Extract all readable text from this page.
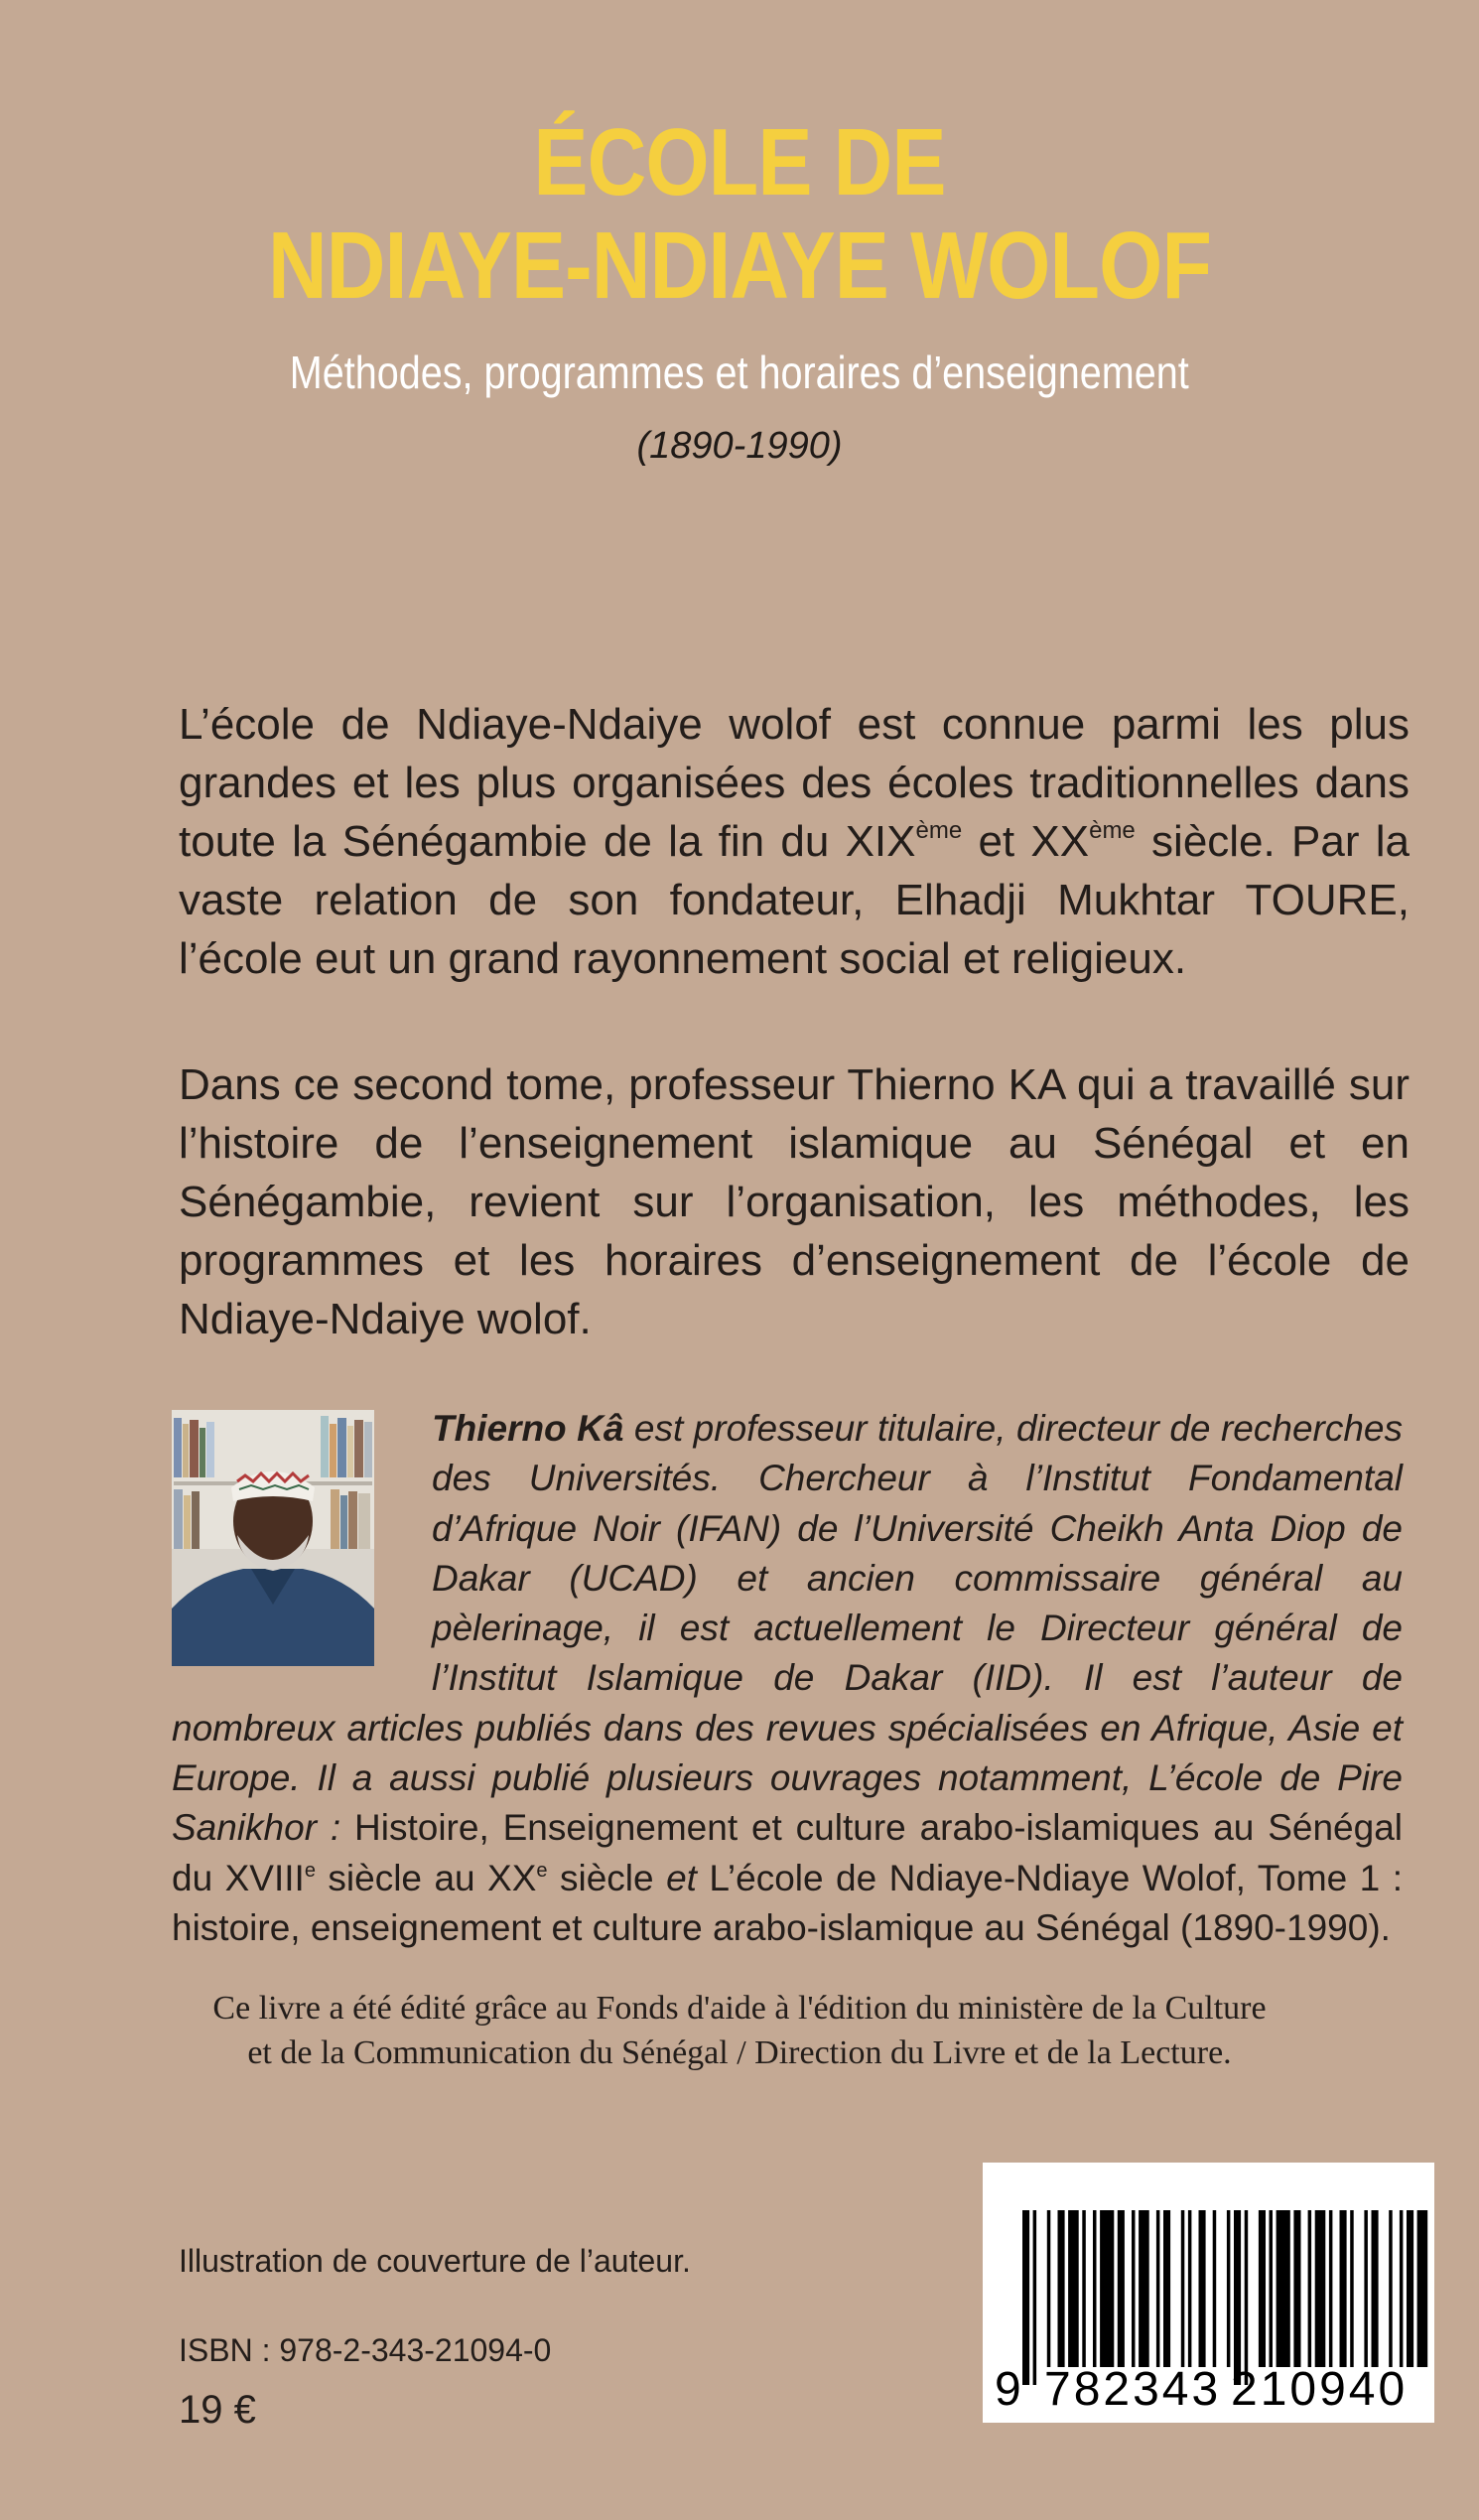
ÉCOLE DE
NDIAYE-NDIAYE WOLOF
Méthodes, programmes et horaires d’enseignement
(1890-1990)
L’école de Ndiaye-Ndaiye wolof est connue parmi les plus grandes et les plus organisées des écoles traditionnelles dans toute la Sénégambie de la fin du XIXème et XXème siècle. Par la vaste relation de son fondateur, Elhadji Mukhtar TOURE, l’école eut un grand rayonnement social et religieux.
Dans ce second tome, professeur Thierno KA qui a travaillé sur l’histoire de l’enseignement islamique au Sénégal et en Sénégambie, revient sur l’organisation, les méthodes, les programmes et les horaires d’enseignement de l’école de Ndiaye-Ndaiye wolof.
Thierno Kâ est professeur titulaire, directeur de recherches des Universités. Chercheur à l’Institut Fondamental d’Afrique Noir (IFAN) de l’Université Cheikh Anta Diop de Dakar (UCAD) et ancien commissaire général au pèlerinage, il est actuellement le Directeur général de l’Institut Islamique de Dakar (IID). Il est l’auteur de nombreux articles publiés dans des revues spécialisées en Afrique, Asie et Europe. Il a aussi publié plusieurs ouvrages notamment, L’école de Pire Sanikhor : Histoire, Enseignement et culture arabo-islamiques au Sénégal du XVIIIe siècle au XXe siècle et L’école de Ndiaye-Ndiaye Wolof, Tome 1 : histoire, enseignement et culture arabo-islamique au Sénégal (1890-1990).
Ce livre a été édité grâce au Fonds d'aide à l'édition du ministère de la Culture
et de la Communication du Sénégal / Direction du Livre et de la Lecture.
Illustration de couverture de l’auteur.
ISBN : 978-2-343-21094-0
19 €	9 782343 210940
